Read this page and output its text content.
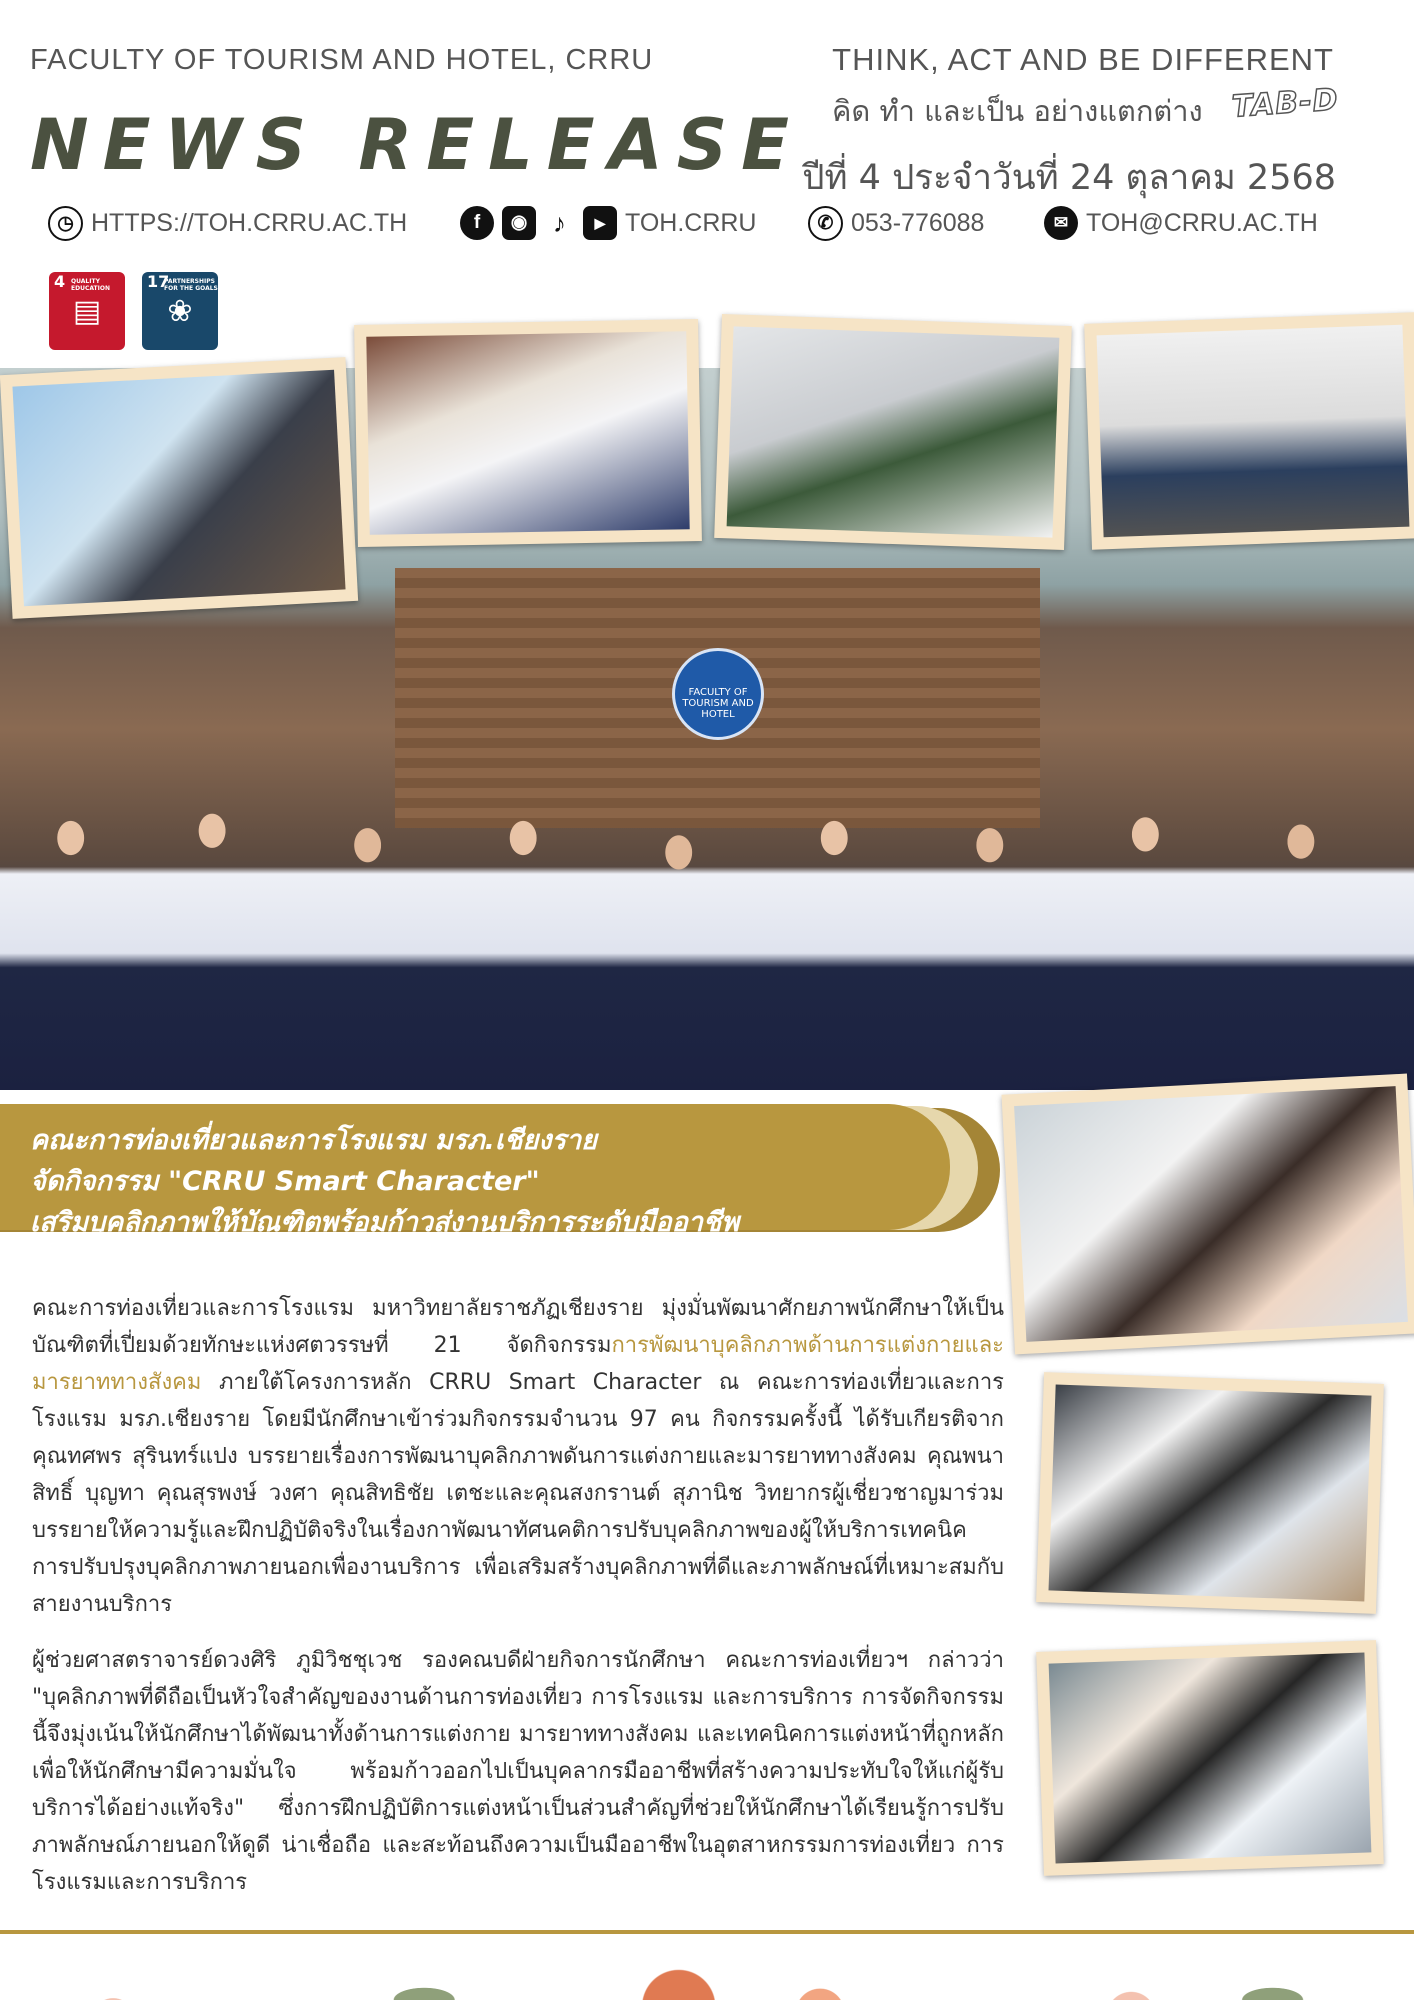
FACULTY OF TOURISM AND HOTEL, CRRU
NEWS RELEASE
THINK, ACT AND BE DIFFERENT
คิด ทำ และเป็น อย่างแตกต่าง TAB-D
ปีที่ 4 ประจำวันที่ 24 ตุลาคม 2568
◷ HTTPS://TOH.CRRU.AC.TH	f	◉ ♪	▶ TOH.CRRU	✆ 053-776088	✉ TOH@CRRU.AC.TH
4 QUALITY EDUCATION
▤
17
PARTNERSHIPS FOR THE GOALS
❀
FACULTY OF TOURISM AND HOTEL
คณะการท่องเที่ยวและการโรงแรม มรภ.เชียงราย
จัดกิจกรรม "CRRU Smart Character"
เสริมบุคลิกภาพให้บัณฑิตพร้อมก้าวสู่งานบริการระดับมืออาชีพ
คณะการท่องเที่ยวและการโรงแรม มหาวิทยาลัยราชภัฏเชียงราย มุ่งมั่นพัฒนาศักยภาพนักศึกษาให้เป็นบัณฑิตที่เปี่ยมด้วยทักษะแห่งศตวรรษที่ 21 จัดกิจกรรมการพัฒนาบุคลิกภาพด้านการแต่งกายและมารยาททางสังคม ภายใต้โครงการหลัก CRRU Smart Character ณ คณะการท่องเที่ยวและการโรงแรม มรภ.เชียงราย โดยมีนักศึกษาเข้าร่วมกิจกรรมจำนวน 97 คน กิจกรรมครั้งนี้ ได้รับเกียรติจาก คุณทศพร สุรินทร์แปง บรรยายเรื่องการพัฒนาบุคลิกภาพดันการแต่งกายและมารยาททางสังคม คุณพนาสิทธิ์ บุญทา คุณสุรพงษ์ วงศา คุณสิทธิชัย เตชะและคุณสงกรานต์ สุภานิช วิทยากรผู้เชี่ยวชาญมาร่วมบรรยายให้ความรู้และฝึกปฏิบัติจริงในเรื่องกาพัฒนาทัศนคติการปรับบุคลิกภาพของผู้ให้บริการเทคนิคการปรับปรุงบุคลิกภาพภายนอกเพื่องานบริการ เพื่อเสริมสร้างบุคลิกภาพที่ดีและภาพลักษณ์ที่เหมาะสมกับสายงานบริการ
ผู้ช่วยศาสตราจารย์ดวงศิริ ภูมิวิชชุเวช รองคณบดีฝ่ายกิจการนักศึกษา คณะการท่องเที่ยวฯ กล่าวว่า "บุคลิกภาพที่ดีถือเป็นหัวใจสำคัญของงานด้านการท่องเที่ยว การโรงแรม และการบริการ การจัดกิจกรรมนี้จึงมุ่งเน้นให้นักศึกษาได้พัฒนาทั้งด้านการแต่งกาย มารยาททางสังคม และเทคนิคการแต่งหน้าที่ถูกหลัก เพื่อให้นักศึกษามีความมั่นใจ พร้อมก้าวออกไปเป็นบุคลากรมืออาชีพที่สร้างความประทับใจให้แก่ผู้รับบริการได้อย่างแท้จริง" ซึ่งการฝึกปฏิบัติการแต่งหน้าเป็นส่วนสำคัญที่ช่วยให้นักศึกษาได้เรียนรู้การปรับภาพลักษณ์ภายนอกให้ดูดี น่าเชื่อถือ และสะท้อนถึงความเป็นมืออาชีพในอุตสาหกรรมการท่องเที่ยว การโรงแรมและการบริการ
